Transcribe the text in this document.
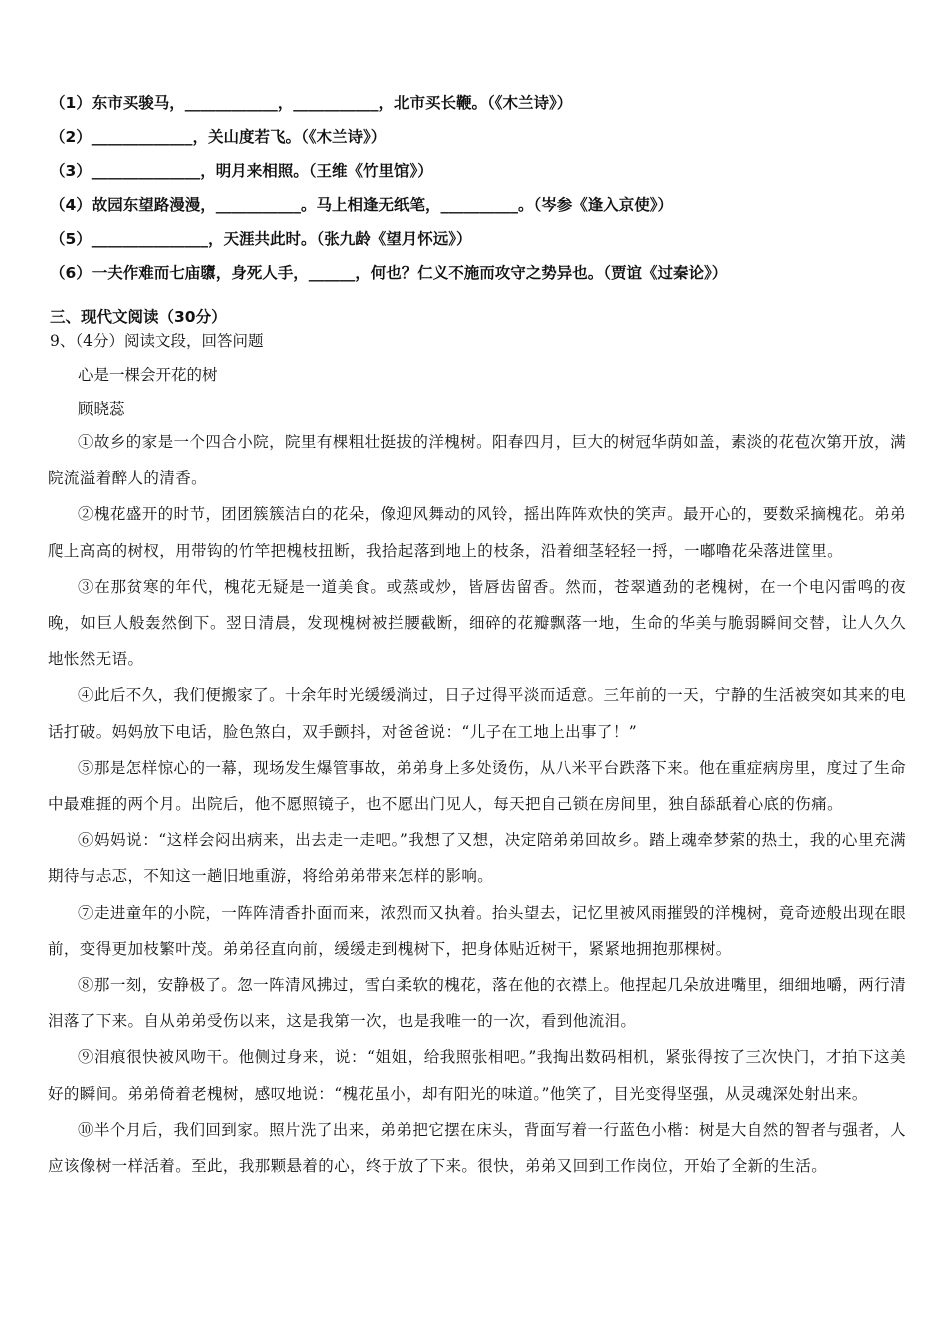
（1）东市买骏马，____________，___________，北市买长鞭。（《木兰诗》）
（2）_____________，关山度若飞。（《木兰诗》）
（3）______________，明月来相照。（王维《竹里馆》）
（4）故园东望路漫漫，___________。马上相逢无纸笔，__________。（岑参《逢入京使》）
（5）_______________，天涯共此时。（张九龄《望月怀远》）
（6）一夫作难而七庙隳，身死人手，______，何也？仁义不施而攻守之势异也。（贾谊《过秦论》）
三、现代文阅读（30分）
9、（4分）阅读文段，回答问题
心是一棵会开花的树
顾晓蕊

①故乡的家是一个四合小院，院里有棵粗壮挺拔的洋槐树。阳春四月，巨大的树冠华荫如盖，素淡的花苞次第开放，满院流溢着醉人的清香。

②槐花盛开的时节，团团簇簇洁白的花朵，像迎风舞动的风铃，摇出阵阵欢快的笑声。最开心的，要数采摘槐花。弟弟爬上高高的树杈，用带钩的竹竿把槐枝扭断，我拾起落到地上的枝条，沿着细茎轻轻一捋，一嘟噜花朵落进筐里。

③在那贫寒的年代，槐花无疑是一道美食。或蒸或炒，皆唇齿留香。然而，苍翠遒劲的老槐树，在一个电闪雷鸣的夜晚，如巨人般轰然倒下。翌日清晨，发现槐树被拦腰截断，细碎的花瓣飘落一地，生命的华美与脆弱瞬间交替，让人久久地怅然无语。

④此后不久，我们便搬家了。十余年时光缓缓淌过，日子过得平淡而适意。三年前的一天，宁静的生活被突如其来的电话打破。妈妈放下电话，脸色煞白，双手颤抖，对爸爸说：“儿子在工地上出事了！”

⑤那是怎样惊心的一幕，现场发生爆管事故，弟弟身上多处烫伤，从八米平台跌落下来。他在重症病房里，度过了生命中最难捱的两个月。出院后，他不愿照镜子，也不愿出门见人，每天把自己锁在房间里，独自舔舐着心底的伤痛。

⑥妈妈说：“这样会闷出病来，出去走一走吧。”我想了又想，决定陪弟弟回故乡。踏上魂牵梦萦的热土，我的心里充满期待与忐忑，不知这一趟旧地重游，将给弟弟带来怎样的影响。

⑦走进童年的小院，一阵阵清香扑面而来，浓烈而又执着。抬头望去，记忆里被风雨摧毁的洋槐树，竟奇迹般出现在眼前，变得更加枝繁叶茂。弟弟径直向前，缓缓走到槐树下，把身体贴近树干，紧紧地拥抱那棵树。

⑧那一刻，安静极了。忽一阵清风拂过，雪白柔软的槐花，落在他的衣襟上。他捏起几朵放进嘴里，细细地嚼，两行清泪落了下来。自从弟弟受伤以来，这是我第一次，也是我唯一的一次，看到他流泪。

⑨泪痕很快被风吻干。他侧过身来，说：“姐姐，给我照张相吧。”我掏出数码相机，紧张得按了三次快门，才拍下这美好的瞬间。弟弟倚着老槐树，感叹地说：“槐花虽小，却有阳光的味道。”他笑了，目光变得坚强，从灵魂深处射出来。

⑩半个月后，我们回到家。照片洗了出来，弟弟把它摆在床头，背面写着一行蓝色小楷：树是大自然的智者与强者，人应该像树一样活着。至此，我那颗悬着的心，终于放了下来。很快，弟弟又回到工作岗位，开始了全新的生活。
